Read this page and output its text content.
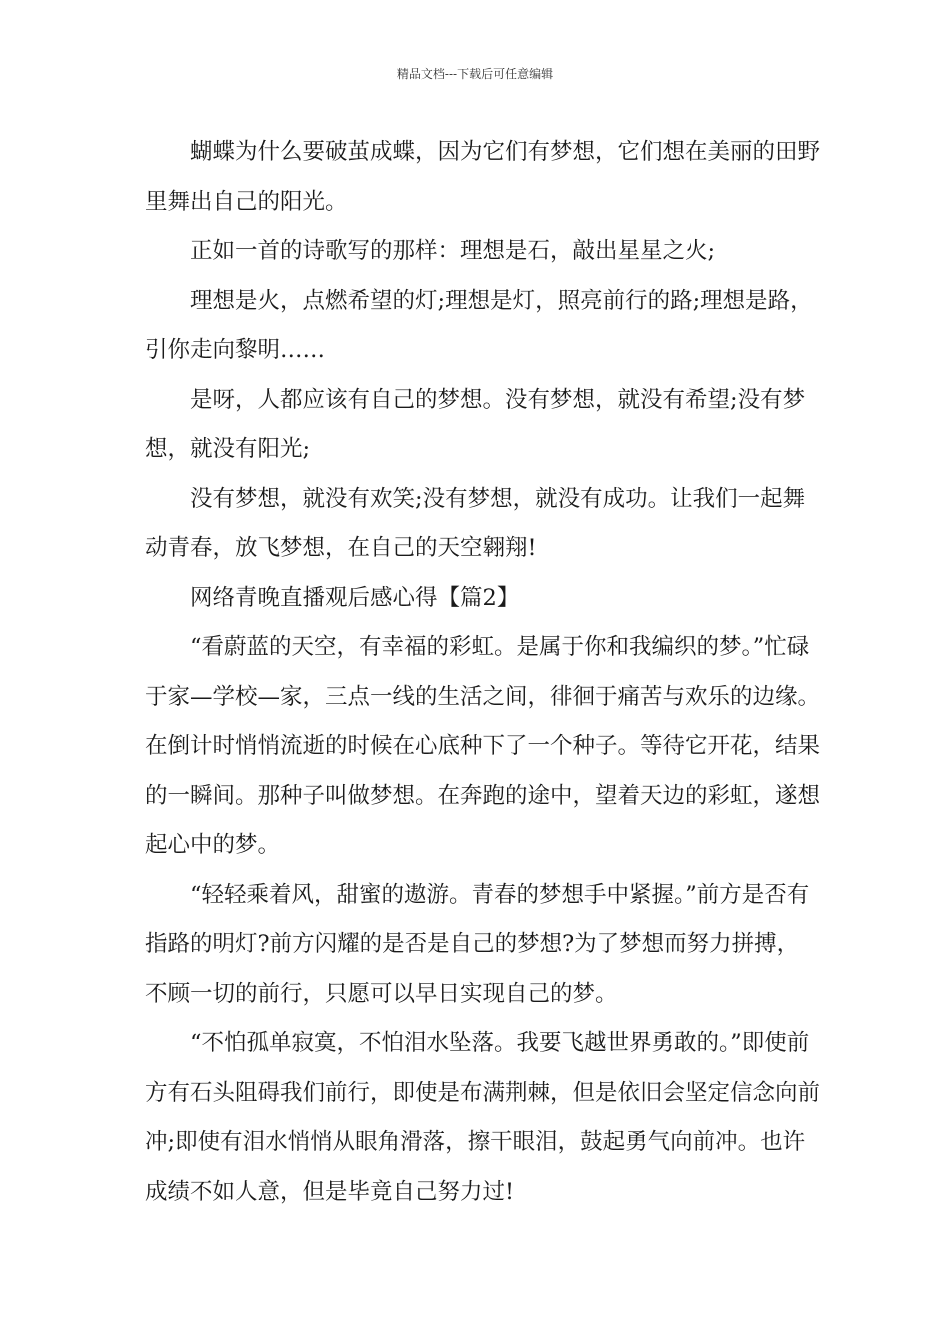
精品文档---下载后可任意编辑

蝴蝶为什么要破茧成蝶，因为它们有梦想，它们想在美丽的田野里舞出自己的阳光。

正如一首的诗歌写的那样：理想是石，敲出星星之火;

理想是火，点燃希望的灯;理想是灯，照亮前行的路;理想是路，引你走向黎明……

是呀，人都应该有自己的梦想。没有梦想，就没有希望;没有梦想，就没有阳光;

没有梦想，就没有欢笑;没有梦想，就没有成功。让我们一起舞动青春，放飞梦想，在自己的天空翱翔!

网络青晚直播观后感心得【篇2】

“看蔚蓝的天空，有幸福的彩虹。是属于你和我编织的梦。”忙碌于家—学校—家，三点一线的生活之间，徘徊于痛苦与欢乐的边缘。在倒计时悄悄流逝的时候在心底种下了一个种子。等待它开花，结果的一瞬间。那种子叫做梦想。在奔跑的途中，望着天边的彩虹，遂想起心中的梦。

“轻轻乘着风，甜蜜的遨游。青春的梦想手中紧握。”前方是否有指路的明灯?前方闪耀的是否是自己的梦想?为了梦想而努力拼搏，不顾一切的前行，只愿可以早日实现自己的梦。

“不怕孤单寂寞，不怕泪水坠落。我要飞越世界勇敢的。”即使前方有石头阻碍我们前行，即使是布满荆棘，但是依旧会坚定信念向前冲;即使有泪水悄悄从眼角滑落，擦干眼泪，鼓起勇气向前冲。也许成绩不如人意，但是毕竟自己努力过!
